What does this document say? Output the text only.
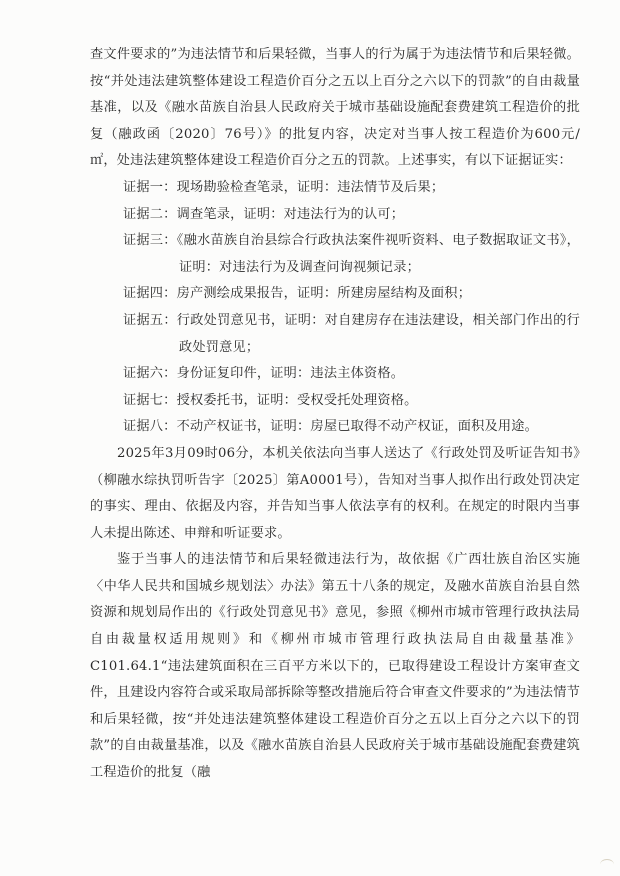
查文件要求的”为违法情节和后果轻微，当事人的行为属于为违法情节和后果轻微。按“并处违法建筑整体建设工程造价百分之五以上百分之六以下的罚款”的自由裁量基准，以及《融水苗族自治县人民政府关于城市基础设施配套费建筑工程造价的批复（融政函〔2020〕76号）》的批复内容，决定对当事人按工程造价为600元/㎡，处违法建筑整体建设工程造价百分之五的罚款。上述事实，有以下证据证实：

证据一：现场勘验检查笔录，证明：违法情节及后果；

证据二：调查笔录，证明：对违法行为的认可；

证据三：《融水苗族自治县综合行政执法案件视听资料、电子数据取证文书》，证明：对违法行为及调查问询视频记录；

证据四：房产测绘成果报告，证明：所建房屋结构及面积；

证据五：行政处罚意见书，证明：对自建房存在违法建设，相关部门作出的行政处罚意见；

证据六：身份证复印件，证明：违法主体资格。

证据七：授权委托书，证明：受权受托处理资格。

证据八：不动产权证书，证明：房屋已取得不动产权证，面积及用途。

2025年3月09时06分，本机关依法向当事人送达了《行政处罚及听证告知书》（柳融水综执罚听告字〔2025〕第A0001号），告知对当事人拟作出行政处罚决定的事实、理由、依据及内容，并告知当事人依法享有的权利。在规定的时限内当事人未提出陈述、申辩和听证要求。

鉴于当事人的违法情节和后果轻微违法行为，故依据《广西壮族自治区实施〈中华人民共和国城乡规划法〉办法》第五十八条的规定，及融水苗族自治县自然资源和规划局作出的《行政处罚意见书》意见，参照《柳州市城市管理行政执法局自由裁量权适用规则》和《柳州市城市管理行政执法局自由裁量基准》C101.64.1“违法建筑面积在三百平方米以下的，已取得建设工程设计方案审查文件，且建设内容符合或采取局部拆除等整改措施后符合审查文件要求的”为违法情节和后果轻微，按“并处违法建筑整体建设工程造价百分之五以上百分之六以下的罚款”的自由裁量基准，以及《融水苗族自治县人民政府关于城市基础设施配套费建筑工程造价的批复（融
